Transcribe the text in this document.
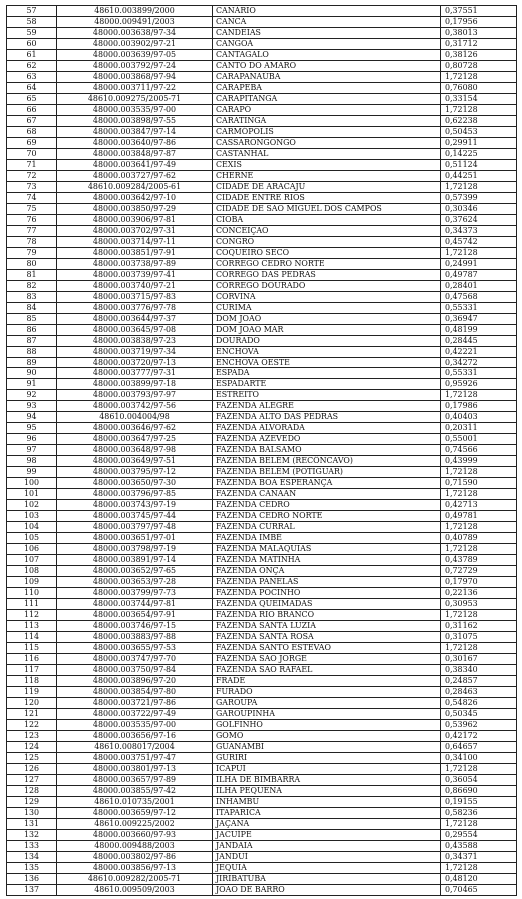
57	48610.003899/2000	CANÁRIO	0,37551
58	48000.009491/2003	CANCÃ	0,17956
59	48000.003638/97-34	CANDEIAS	0,38013
60	48000.003902/97-21	CANGOÁ	0,31712
61	48000.003639/97-05	CANTAGALO	0,38126
62	48000.003792/97-24	CANTO DO AMARO	0,80728
63	48000.003868/97-94	CARAPANAÚBA	1,72128
64	48000.003711/97-22	CARAPEBA	0,76080
65	48610.009275/2005-71	CARAPITANGA	0,33154
66	48000.003535/97-00	CARAPÓ	1,72128
67	48000.003898/97-55	CARATINGA	0,62238
68	48000.003847/97-14	CARMÓPOLIS	0,50453
69	48000.003640/97-86	CASSARONGONGO	0,29911
70	48000.003848/97-87	CASTANHAL	0,14225
71	48000.003641/97-49	CEXIS	0,51124
72	48000.003727/97-62	CHERNE	0,44251
73	48610.009284/2005-61	CIDADE DE ARACAJU	1,72128
74	48000.003642/97-10	CIDADE ENTRE RIOS	0,57399
75	48000.003850/97-29	CIDADE DE SÃO MIGUEL DOS CAMPOS	0,30346
76	48000.003906/97-81	CIOBA	0,37624
77	48000.003702/97-31	CONCEIÇÃO	0,34373
78	48000.003714/97-11	CONGRO	0,45742
79	48000.003851/97-91	COQUEIRO SECO	1,72128
80	48000.003738/97-89	CÓRREGO CEDRO NORTE	0,24991
81	48000.003739/97-41	CÓRREGO DAS PEDRAS	0,49787
82	48000.003740/97-21	CÓRREGO DOURADO	0,28401
83	48000.003715/97-83	CORVINA	0,47568
84	48000.003776/97-78	CURIMÃ	0,55331
85	48000.003644/97-37	DOM JOÃO	0,36947
86	48000.003645/97-08	DOM JOÃO MAR	0,48199
87	48000.003838/97-23	DOURADO	0,28445
88	48000.003719/97-34	ENCHOVA	0,42221
89	48000.003720/97-13	ENCHOVA OESTE	0,34272
90	48000.003777/97-31	ESPADA	0,55331
91	48000.003899/97-18	ESPADARTE	0,95926
92	48000.003793/97-97	ESTREITO	1,72128
93	48000.003742/97-56	FAZENDA ALEGRE	0,17986
94	48610.004004/98	FAZENDA ALTO DAS PEDRAS	0,40403
95	48000.003646/97-62	FAZENDA ALVORADA	0,20311
96	48000.003647/97-25	FAZENDA AZEVEDO	0,55001
97	48000.003648/97-98	FAZENDA BÁLSAMO	0,74566
98	48000.003649/97-51	FAZENDA BELÉM (RECÔNCAVO)	0,43999
99	48000.003795/97-12	FAZENDA BELÉM (POTIGUAR)	1,72128
100	48000.003650/97-30	FAZENDA BOA ESPERANÇA	0,71590
101	48000.003796/97-85	FAZENDA CANAAN	1,72128
102	48000.003743/97-19	FAZENDA CEDRO	0,42713
103	48000.003745/97-44	FAZENDA CEDRO NORTE	0,49781
104	48000.003797/97-48	FAZENDA CURRAL	1,72128
105	48000.003651/97-01	FAZENDA IMBÉ	0,40789
106	48000.003798/97-19	FAZENDA MALAQUIAS	1,72128
107	48000.003891/97-14	FAZENDA MATINHA	0,43789
108	48000.003652/97-65	FAZENDA ONÇA	0,72729
109	48000.003653/97-28	FAZENDA PANELAS	0,17970
110	48000.003799/97-73	FAZENDA POCINHO	0,22136
111	48000.003744/97-81	FAZENDA QUEIMADAS	0,30953
112	48000.003654/97-91	FAZENDA RIO BRANCO	1,72128
113	48000.003746/97-15	FAZENDA SANTA LUZIA	0,31162
114	48000.003883/97-88	FAZENDA SANTA ROSA	0,31075
115	48000.003655/97-53	FAZENDA SANTO ESTEVÃO	1,72128
116	48000.003747/97-70	FAZENDA SÃO JORGE	0,30167
117	48000.003750/97-84	FAZENDA SÃO RAFAEL	0,38340
118	48000.003896/97-20	FRADE	0,24857
119	48000.003854/97-80	FURADO	0,28463
120	48000.003721/97-86	GAROUPA	0,54826
121	48000.003722/97-49	GAROUPINHA	0,50345
122	48000.003535/97-00	GOLFINHO	0,53962
123	48000.003656/97-16	GOMO	0,42172
124	48610.008017/2004	GUANAMBI	0,64657
125	48000.003751/97-47	GURIRI	0,34100
126	48000.003801/97-13	ICAPUÍ	1,72128
127	48000.003657/97-89	ILHA DE BIMBARRA	0,36054
128	48000.003855/97-42	ILHA PEQUENA	0,86690
129	48610.010735/2001	INHAMBU	0,19155
130	48000.003659/97-12	ITAPARICA	0,58236
131	48610.009225/2002	JAÇANÃ	1,72128
132	48000.003660/97-93	JACUÍPE	0,29554
133	48000.009488/2003	JANDAIA	0,43588
134	48000.003802/97-86	JANDUÍ	0,34371
135	48000.003856/97-13	JEQUIÁ	1,72128
136	48610.009282/2005-71	JIRIBATUBA	0,48120
137	48610.009509/2003	JOÃO DE BARRO	0,70465
